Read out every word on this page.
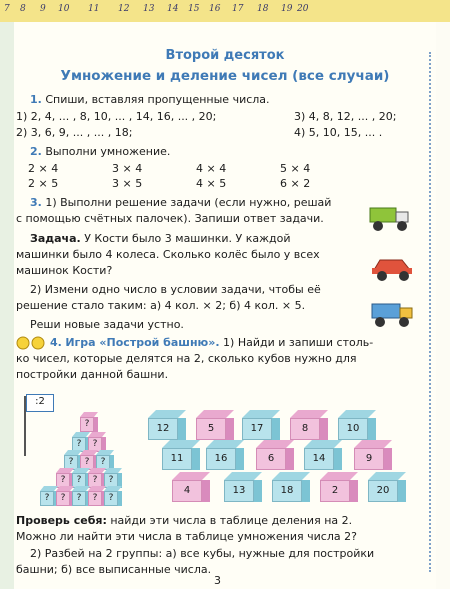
7 8 9 10 11 12 13 14 15 16 17 18 19 20
Второй десяток
Умножение и деление чисел (все случаи)
1. Спиши, вставляя пропущенные числа.
1) 2, 4, ... , 8, 10, ... , 14, 16, ... , 20;
2) 3, 6, 9, ... , ... , 18;
3) 4, 8, 12, ... , 20;
4) 5, 10, 15, ... .
2. Выполни умножение.
2 × 4	3 × 4	4 × 4	5 × 4
2 × 5	3 × 5	4 × 5	6 × 2
3. 1) Выполни решение задачи (если нужно, решай
с помощью счётных палочек). Запиши ответ задачи.
Задача. У Кости было 3 машинки. У каждой
машинки было 4 колеса. Сколько колёс было у всех
машинок Кости?
2) Измени одно число в условии задачи, чтобы её
решение стало таким: а) 4 кол. × 2; б) 4 кол. × 5.
Реши новые задачи устно.
4. Игра «Построй башню». 1) Найди и запиши столь-
ко чисел, которые делятся на 2, сколько кубов нужно для
постройки данной башни.
:2
?
?	?
?	?	?
?	?	?	?
?	?	?	?	?
12	5	17	8	10
11	16	6	14	9
4	13	18	2	20
Проверь себя: найди эти числа в таблице деления на 2.
Можно ли найти эти числа в таблице умножения числа 2?
2) Разбей на 2 группы: а) все кубы, нужные для постройки
башни; б) все выписанные числа.
3
